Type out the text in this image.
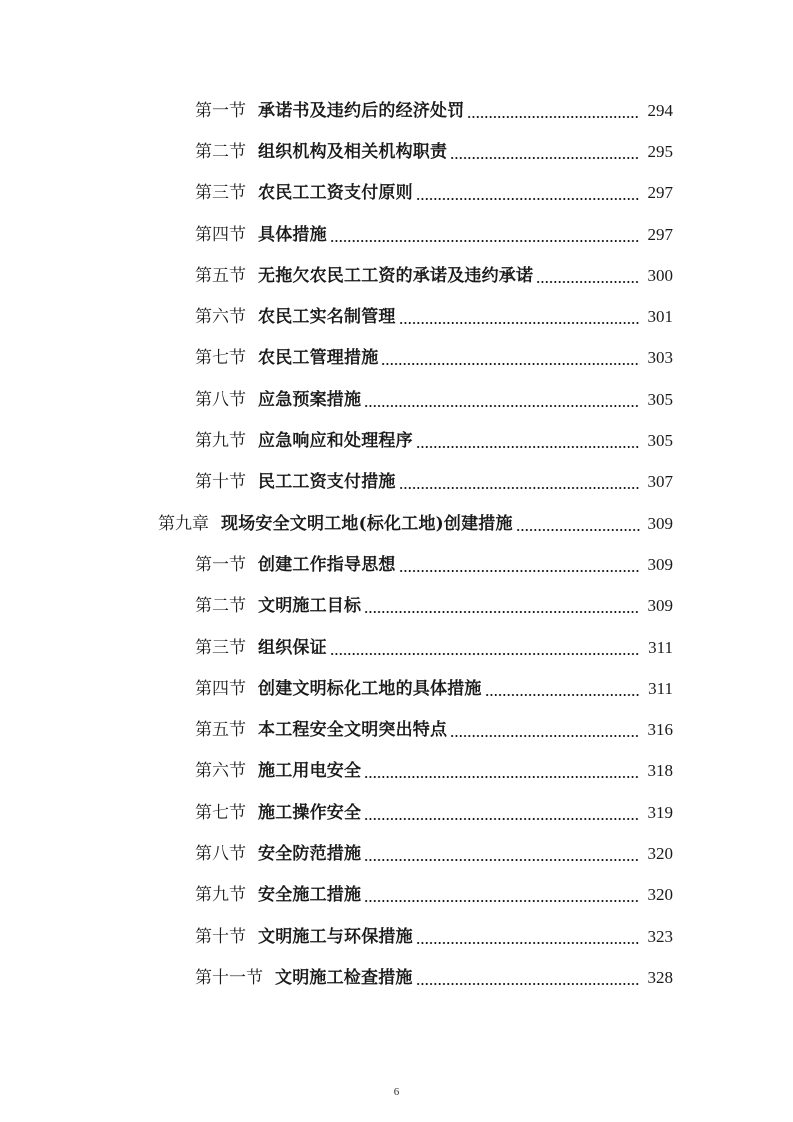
第一节 承诺书及违约后的经济处罚	294
第二节 组织机构及相关机构职责	295
第三节 农民工工资支付原则	297
第四节 具体措施	297
第五节 无拖欠农民工工资的承诺及违约承诺	300
第六节 农民工实名制管理	301
第七节 农民工管理措施	303
第八节 应急预案措施	305
第九节 应急响应和处理程序	305
第十节 民工工资支付措施	307
第九章 现场安全文明工地(标化工地)创建措施	309
第一节 创建工作指导思想	309
第二节 文明施工目标	309
第三节 组织保证	311
第四节 创建文明标化工地的具体措施	311
第五节 本工程安全文明突出特点	316
第六节 施工用电安全	318
第七节 施工操作安全	319
第八节 安全防范措施	320
第九节 安全施工措施	320
第十节 文明施工与环保措施	323
第十一节 文明施工检查措施	328
6
